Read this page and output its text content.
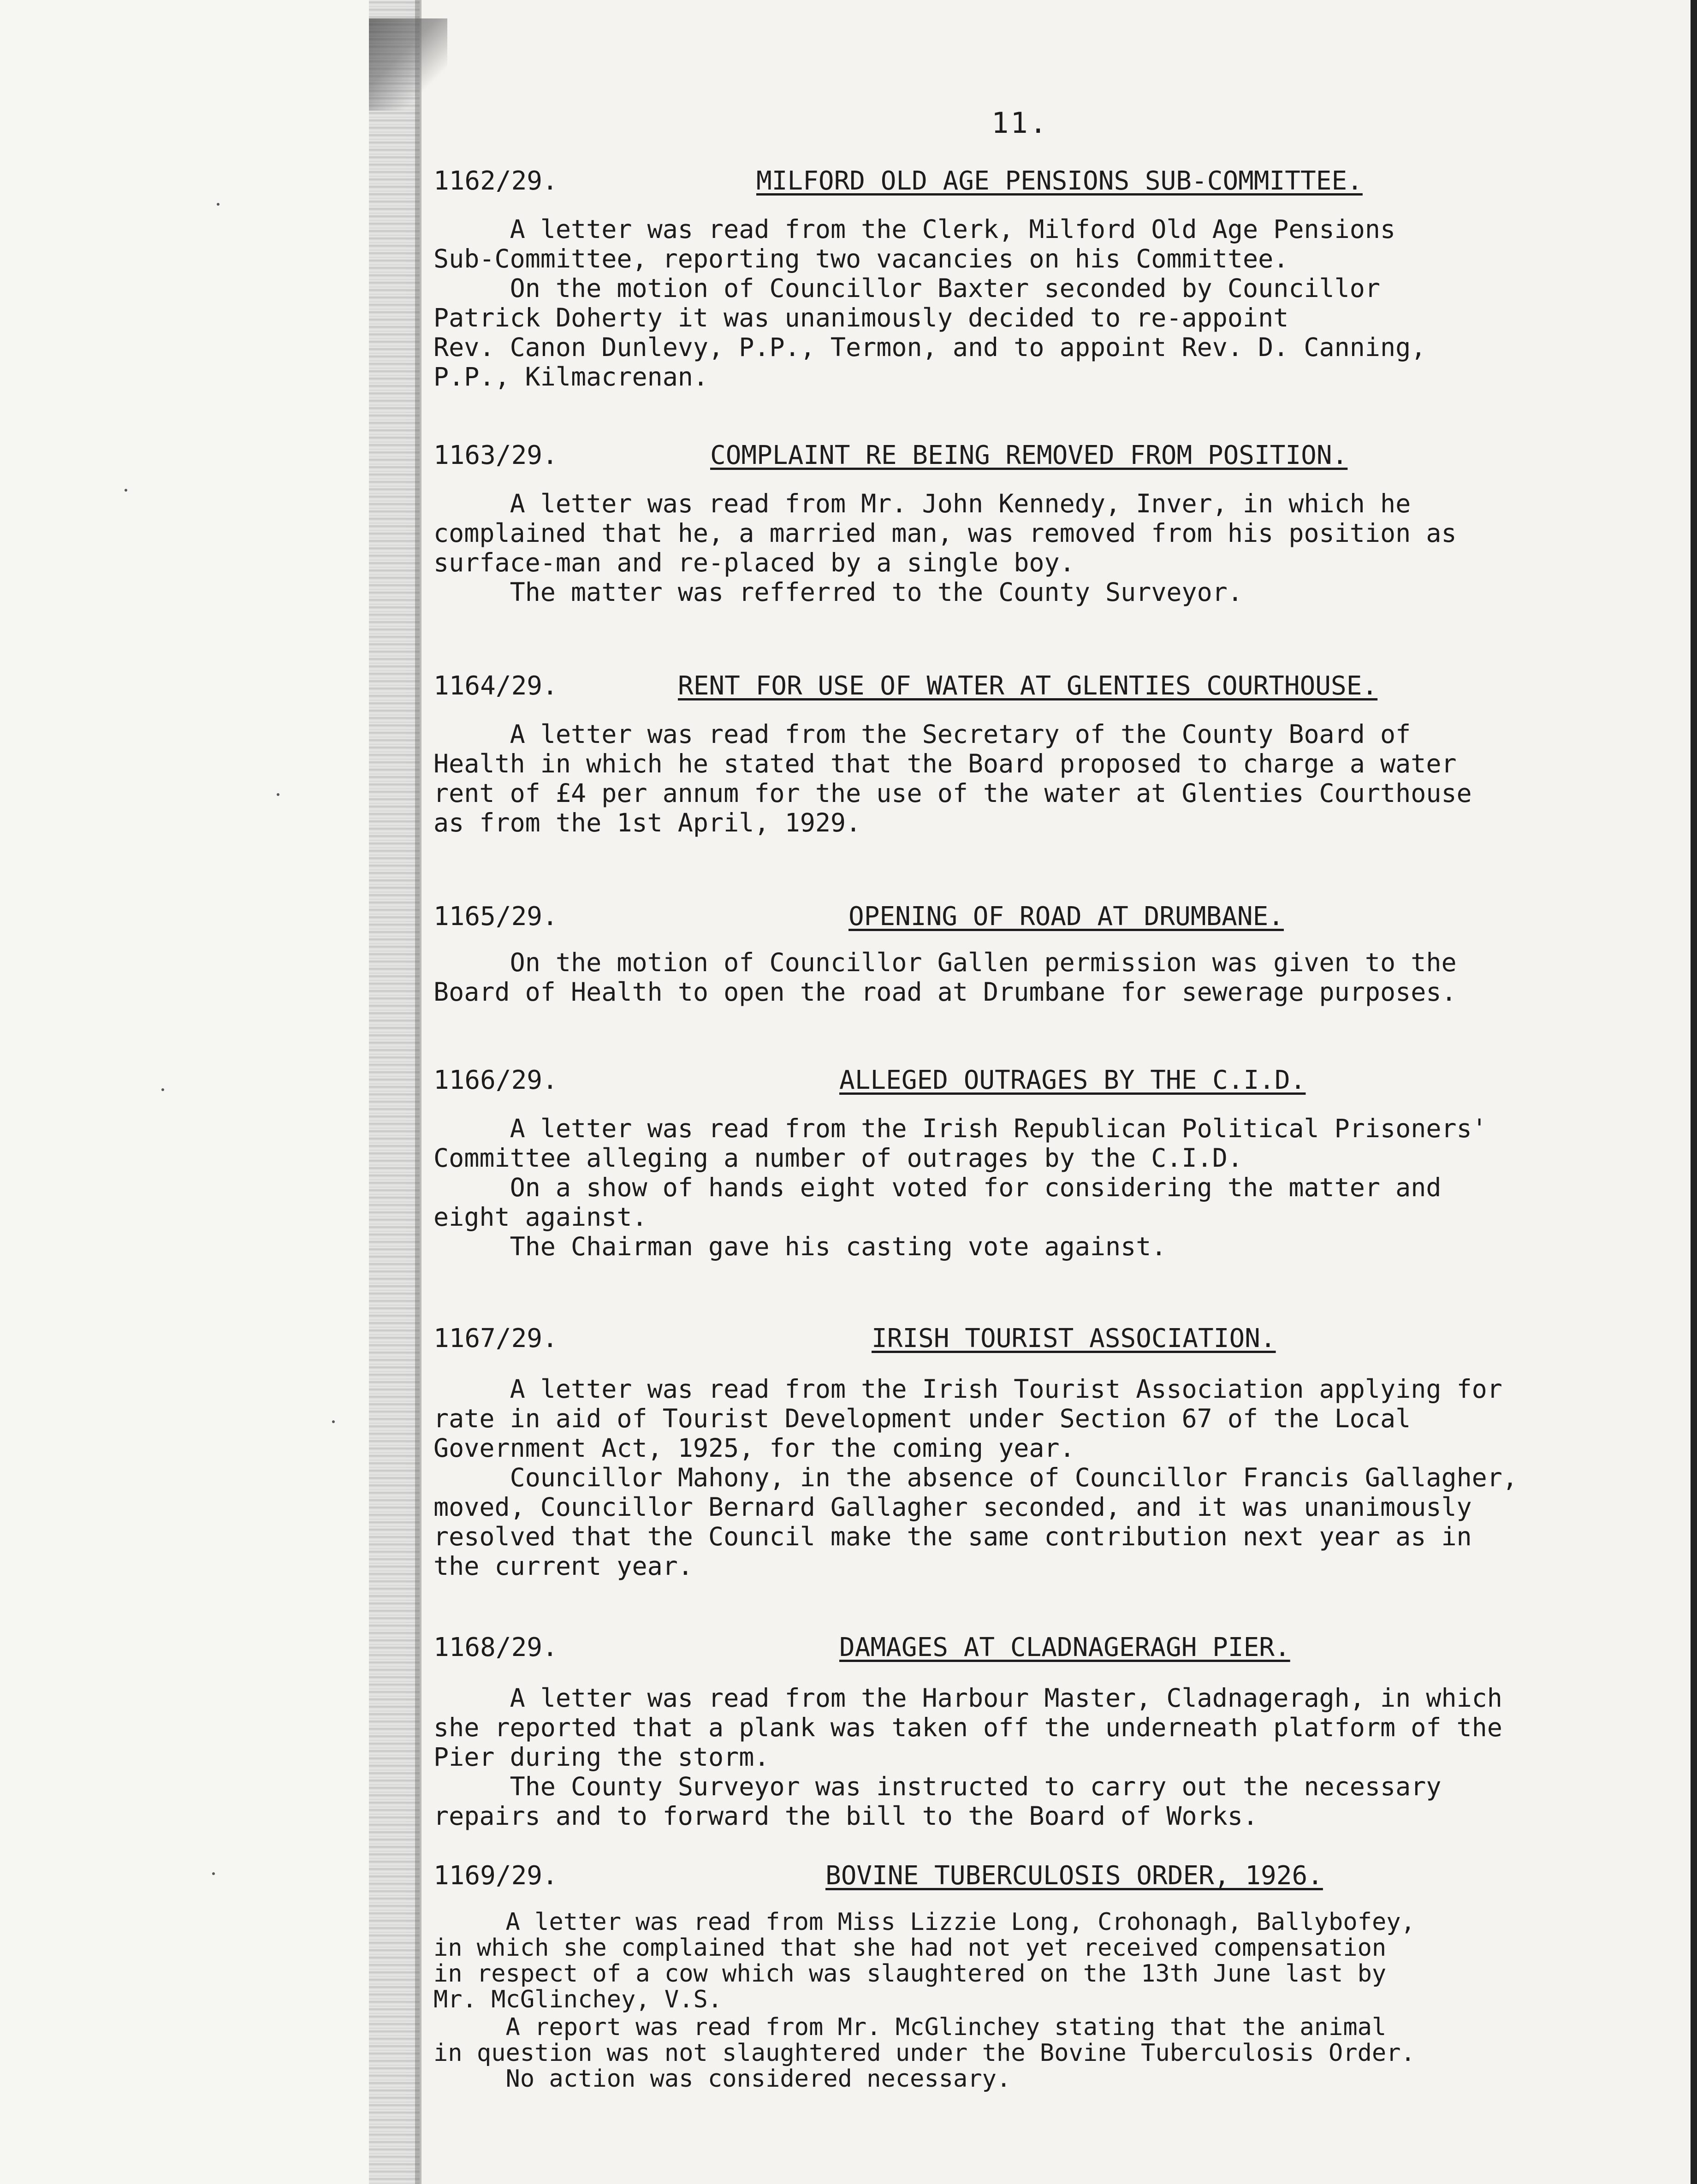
11.
1162/29.	MILFORD OLD AGE PENSIONS SUB-COMMITTEE.

A letter was read from the Clerk, Milford Old Age Pensions
Sub-Committee, reporting two vacancies on his Committee.

On the motion of Councillor Baxter seconded by Councillor
Patrick Doherty it was unanimously decided to re-appoint
Rev. Canon Dunlevy, P.P., Termon, and to appoint Rev. D. Canning,
P.P., Kilmacrenan.

1163/29.	COMPLAINT RE BEING REMOVED FROM POSITION.

A letter was read from Mr. John Kennedy, Inver, in which he
complained that he, a married man, was removed from his position as
surface-man and re-placed by a single boy.

The matter was refferred to the County Surveyor.

1164/29.	RENT FOR USE OF WATER AT GLENTIES COURTHOUSE.

A letter was read from the Secretary of the County Board of
Health in which he stated that the Board proposed to charge a water
rent of £4 per annum for the use of the water at Glenties Courthouse
as from the 1st April, 1929.

1165/29.	OPENING OF ROAD AT DRUMBANE.

On the motion of Councillor Gallen permission was given to the
Board of Health to open the road at Drumbane for sewerage purposes.

1166/29.	ALLEGED OUTRAGES BY THE C.I.D.

A letter was read from the Irish Republican Political Prisoners'
Committee alleging a number of outrages by the C.I.D.

On a show of hands eight voted for considering the matter and
eight against.

The Chairman gave his casting vote against.

1167/29.	IRISH TOURIST ASSOCIATION.

A letter was read from the Irish Tourist Association applying for
rate in aid of Tourist Development under Section 67 of the Local
Government Act, 1925, for the coming year.

Councillor Mahony, in the absence of Councillor Francis Gallagher,
moved, Councillor Bernard Gallagher seconded, and it was unanimously
resolved that the Council make the same contribution next year as in
the current year.

1168/29.	DAMAGES AT CLADNAGERAGH PIER.

A letter was read from the Harbour Master, Cladnageragh, in which
she reported that a plank was taken off the underneath platform of the
Pier during the storm.

The County Surveyor was instructed to carry out the necessary
repairs and to forward the bill to the Board of Works.

1169/29.	BOVINE TUBERCULOSIS ORDER, 1926.

A letter was read from Miss Lizzie Long, Crohonagh, Ballybofey,
in which she complained that she had not yet received compensation
in respect of a cow which was slaughtered on the 13th June last by
Mr. McGlinchey, V.S.

A report was read from Mr. McGlinchey stating that the animal
in question was not slaughtered under the Bovine Tuberculosis Order.

No action was considered necessary.
